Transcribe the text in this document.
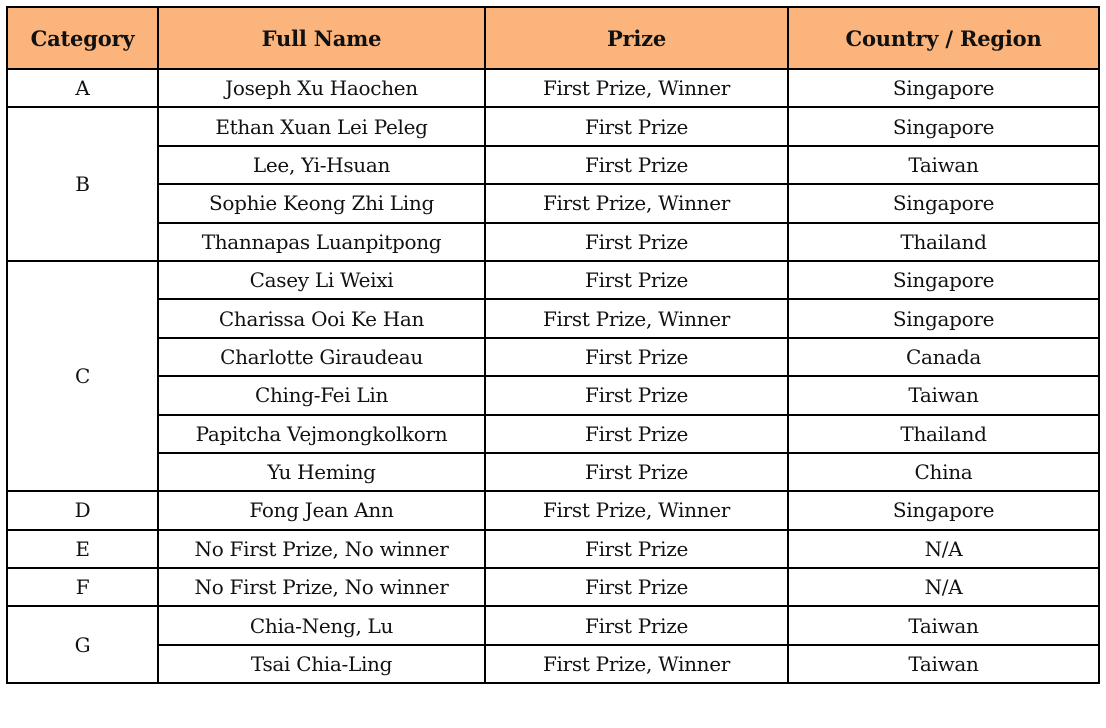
Category	Full Name	Prize	Country / Region
A	Joseph Xu Haochen	First Prize, Winner	Singapore
B	Ethan Xuan Lei Peleg	First Prize	Singapore
	Lee, Yi-Hsuan	First Prize	Taiwan
	Sophie Keong Zhi Ling	First Prize, Winner	Singapore
	Thannapas Luanpitpong	First Prize	Thailand
C	Casey Li Weixi	First Prize	Singapore
	Charissa Ooi Ke Han	First Prize, Winner	Singapore
	Charlotte Giraudeau	First Prize	Canada
	Ching-Fei Lin	First Prize	Taiwan
	Papitcha Vejmongkolkorn	First Prize	Thailand
	Yu Heming	First Prize	China
D	Fong Jean Ann	First Prize, Winner	Singapore
E	No First Prize, No winner	First Prize	N/A
F	No First Prize, No winner	First Prize	N/A
G	Chia-Neng, Lu	First Prize	Taiwan
	Tsai Chia-Ling	First Prize, Winner	Taiwan
